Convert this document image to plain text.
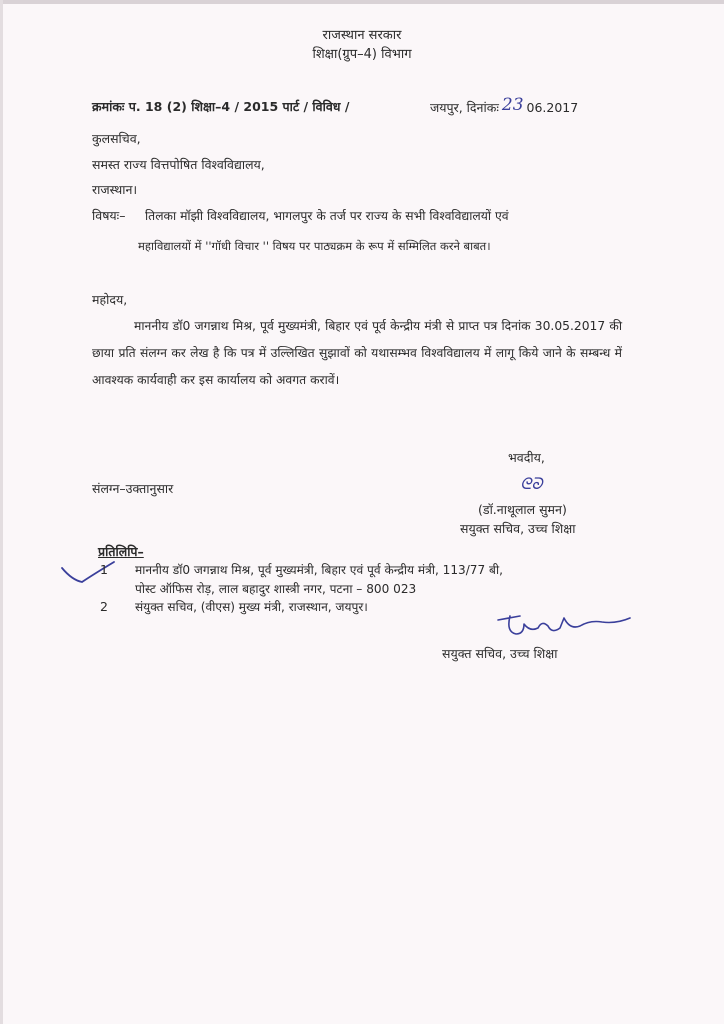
राजस्थान सरकार
शिक्षा(ग्रुप–4) विभाग
क्रमांकः प. 18 (2) शिक्षा–4 / 2015 पार्ट / विविध /	जयपुर, दिनांकः 23 06.2017
कुलसचिव,
समस्त राज्य वित्तपोषित विश्वविद्यालय,
राजस्थान।
विषयः– तिलका मॉझी विश्वविद्यालय, भागलपुर के तर्ज पर राज्य के सभी विश्वविद्यालयों एवं
महाविद्यालयों में ''गॉधी विचार '' विषय पर पाठ्यक्रम के रूप में सम्मिलित करने बाबत।
महोदय,
माननीय डॉ0 जगन्नाथ मिश्र, पूर्व मुख्यमंत्री, बिहार एवं पूर्व केन्द्रीय मंत्री से प्राप्त पत्र दिनांक 30.05.2017 की छाया प्रति संलग्न कर लेख है कि पत्र में उल्लिखित सुझावों को यथासम्भव विश्वविद्यालय में लागू किये जाने के सम्बन्ध में आवश्यक कार्यवाही कर इस कार्यालय को अवगत करावें।
भवदीय,
संलग्न–उक्तानुसार	ᘓᘐ
(डॉ.नाथूलाल सुमन)
सयुक्त सचिव, उच्च शिक्षा
प्रतिलिपि–
1 माननीय डॉ0 जगन्नाथ मिश्र, पूर्व मुख्यमंत्री, बिहार एवं पूर्व केन्द्रीय मंत्री, 113/77 बी,
पोस्ट ऑफिस रोड़, लाल बहादुर शास्त्री नगर, पटना – 800 023
2 संयुक्त सचिव, (वीएस) मुख्य मंत्री, राजस्थान, जयपुर।
सयुक्त सचिव, उच्च शिक्षा
